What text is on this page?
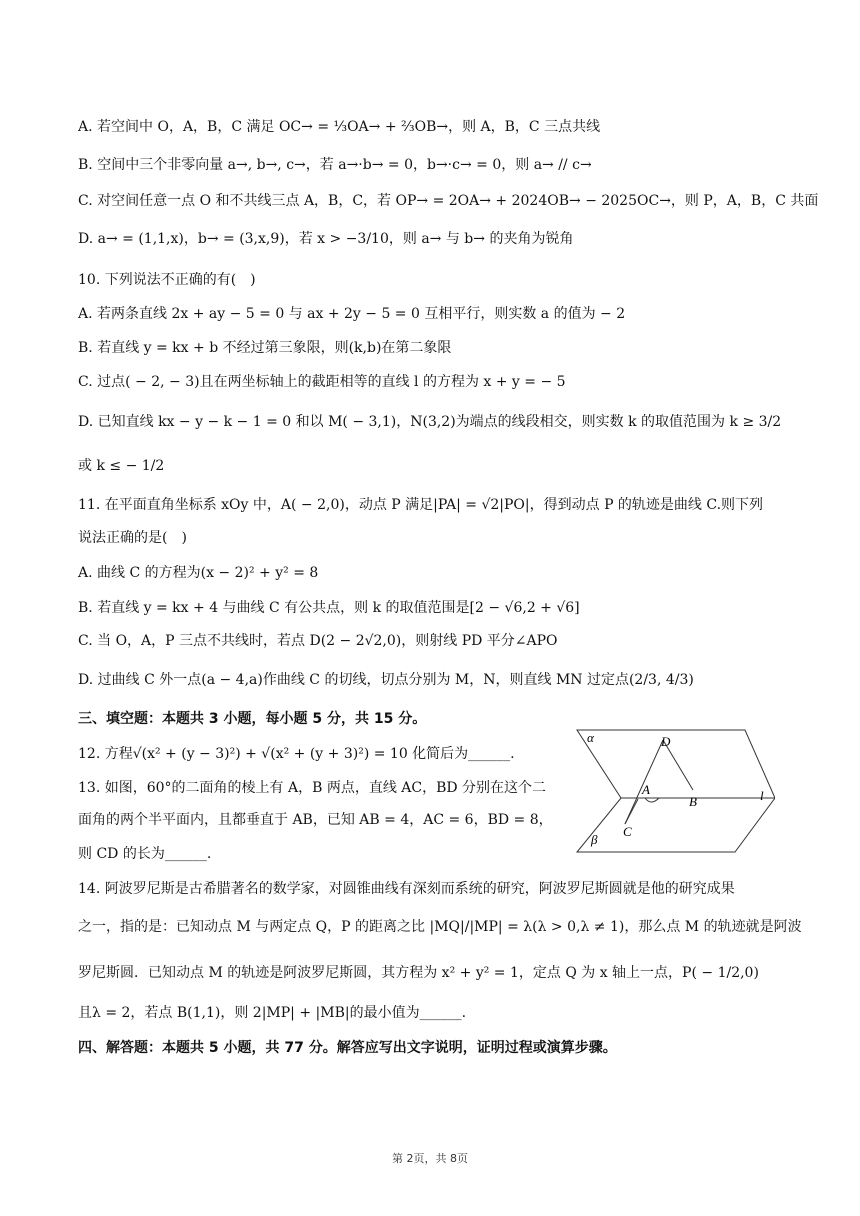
A. 若空间中 O，A，B，C 满足 OC→ = ⅓OA→ + ⅔OB→，则 A，B，C 三点共线
B. 空间中三个非零向量 a→, b→, c→，若 a→·b→ = 0，b→·c→ = 0，则 a→ // c→
C. 对空间任意一点 O 和不共线三点 A，B，C，若 OP→ = 2OA→ + 2024OB→ − 2025OC→，则 P，A，B，C 共面
D. a→ = (1,1,x)，b→ = (3,x,9)，若 x > −3/10，则 a→ 与 b→ 的夹角为锐角
10. 下列说法不正确的有(　)
A. 若两条直线 2x + ay − 5 = 0 与 ax + 2y − 5 = 0 互相平行，则实数 a 的值为 − 2
B. 若直线 y = kx + b 不经过第三象限，则(k,b)在第二象限
C. 过点( − 2, − 3)且在两坐标轴上的截距相等的直线 l 的方程为 x + y = − 5
D. 已知直线 kx − y − k − 1 = 0 和以 M( − 3,1)，N(3,2)为端点的线段相交，则实数 k 的取值范围为 k ≥ 3/2
或 k ≤ − 1/2
11. 在平面直角坐标系 xOy 中，A( − 2,0)，动点 P 满足|PA| = √2|PO|，得到动点 P 的轨迹是曲线 C.则下列
说法正确的是(　)
A. 曲线 C 的方程为(x − 2)² + y² = 8
B. 若直线 y = kx + 4 与曲线 C 有公共点，则 k 的取值范围是[2 − √6,2 + √6]
C. 当 O，A，P 三点不共线时，若点 D(2 − 2√2,0)，则射线 PD 平分∠APO
D. 过曲线 C 外一点(a − 4,a)作曲线 C 的切线，切点分别为 M，N，则直线 MN 过定点(2/3, 4/3)
三、填空题：本题共 3 小题，每小题 5 分，共 15 分。
12. 方程√(x² + (y − 3)²) + √(x² + (y + 3)²) = 10 化简后为______.
13. 如图，60°的二面角的棱上有 A，B 两点，直线 AC，BD 分别在这个二
面角的两个半平面内，且都垂直于 AB，已知 AB = 4，AC = 6，BD = 8，
则 CD 的长为______.
α	D
A
B	l
C
β
14. 阿波罗尼斯是古希腊著名的数学家，对圆锥曲线有深刻而系统的研究，阿波罗尼斯圆就是他的研究成果
之一，指的是：已知动点 M 与两定点 Q，P 的距离之比 |MQ|/|MP| = λ(λ > 0,λ ≠ 1)，那么点 M 的轨迹就是阿波
罗尼斯圆．已知动点 M 的轨迹是阿波罗尼斯圆，其方程为 x² + y² = 1，定点 Q 为 x 轴上一点，P( − 1/2,0)
且λ = 2，若点 B(1,1)，则 2|MP| + |MB|的最小值为______.
四、解答题：本题共 5 小题，共 77 分。解答应写出文字说明，证明过程或演算步骤。
第 2页，共 8页
